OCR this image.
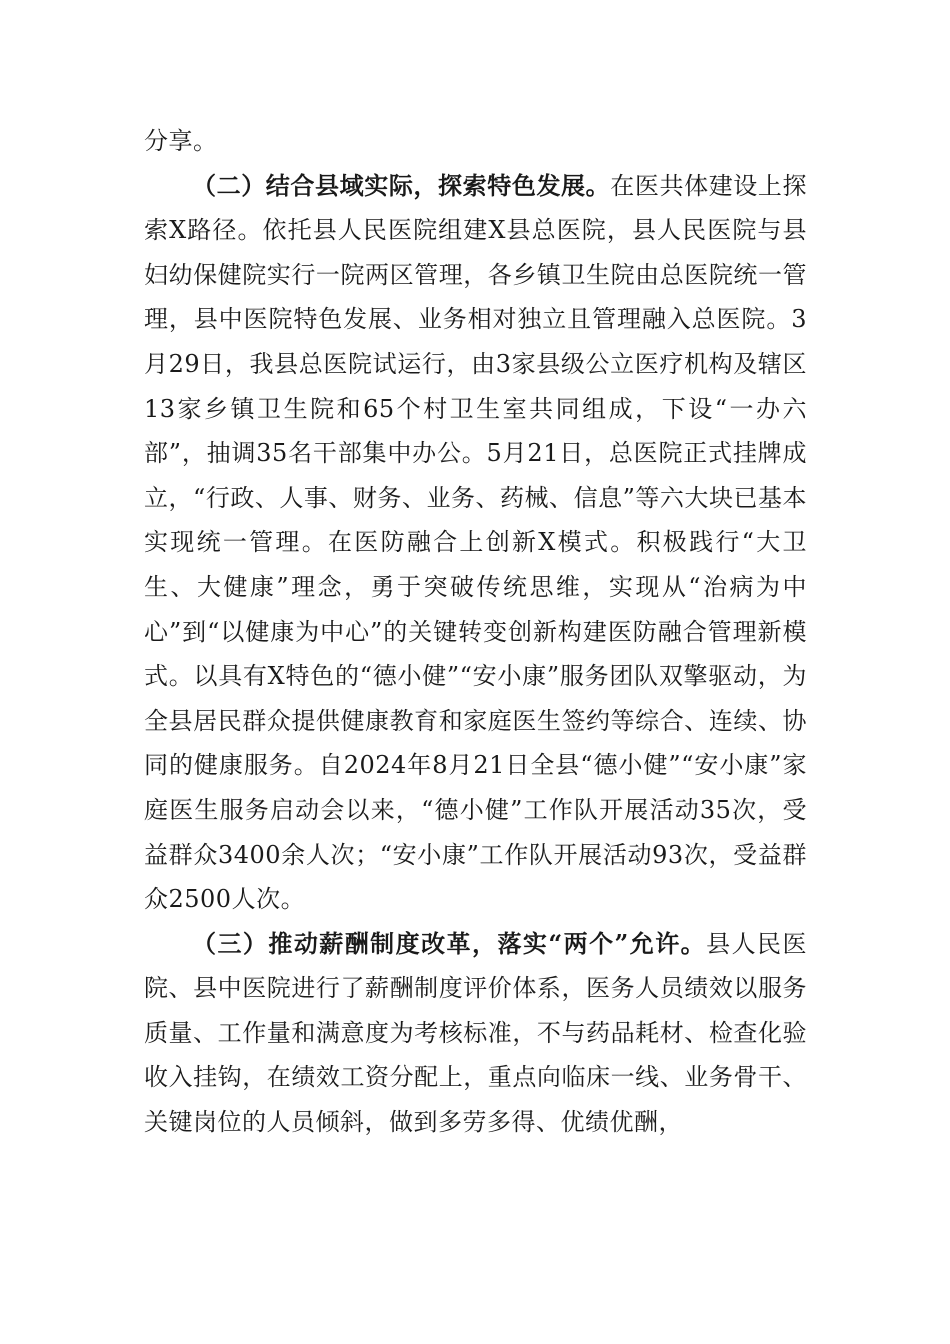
分享。

（二）结合县域实际，探索特色发展。在医共体建设上探索X路径。依托县人民医院组建X县总医院，县人民医院与县妇幼保健院实行一院两区管理，各乡镇卫生院由总医院统一管理，县中医院特色发展、业务相对独立且管理融入总医院。3月29日，我县总医院试运行，由3家县级公立医疗机构及辖区13家乡镇卫生院和65个村卫生室共同组成，下设“一办六部”，抽调35名干部集中办公。5月21日，总医院正式挂牌成立，“行政、人事、财务、业务、药械、信息”等六大块已基本实现统一管理。在医防融合上创新X模式。积极践行“大卫生、大健康”理念，勇于突破传统思维，实现从“治病为中心”到“以健康为中心”的关键转变创新构建医防融合管理新模式。以具有X特色的“德小健”“安小康”服务团队双擎驱动，为全县居民群众提供健康教育和家庭医生签约等综合、连续、协同的健康服务。自2024年8月21日全县“德小健”“安小康”家庭医生服务启动会以来，“德小健”工作队开展活动35次，受益群众3400余人次；“安小康”工作队开展活动93次，受益群众2500人次。

（三）推动薪酬制度改革，落实“两个”允许。县人民医院、县中医院进行了薪酬制度评价体系，医务人员绩效以服务质量、工作量和满意度为考核标准，不与药品耗材、检查化验收入挂钩，在绩效工资分配上，重点向临床一线、业务骨干、关键岗位的人员倾斜，做到多劳多得、优绩优酬，
